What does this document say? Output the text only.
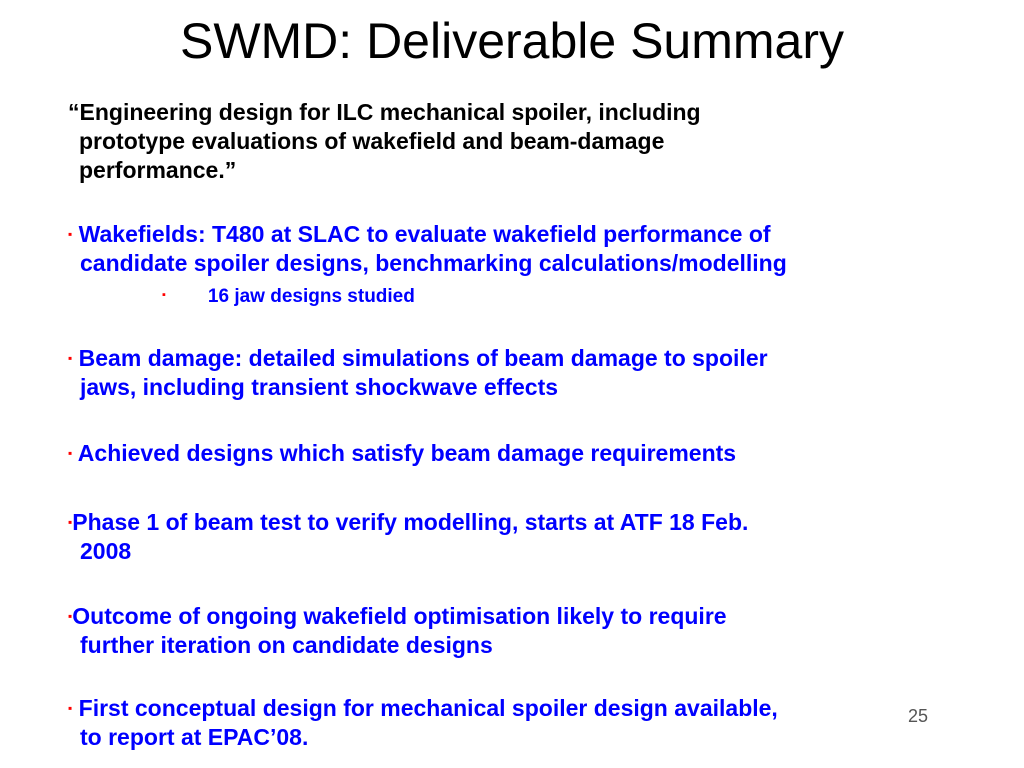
SWMD: Deliverable Summary
“Engineering design for ILC mechanical spoiler, including
prototype evaluations of wakefield and beam-damage
performance.”
▪ Wakefields: T480 at SLAC to evaluate wakefield performance of
candidate spoiler designs, benchmarking calculations/modelling
▪ 16 jaw designs studied
▪ Beam damage: detailed simulations of beam damage to spoiler
jaws, including transient shockwave effects
▪ Achieved designs which satisfy beam damage requirements
▪Phase 1 of beam test to verify modelling, starts at ATF 18 Feb.
2008
▪Outcome of ongoing wakefield optimisation likely to require
further iteration on candidate designs
▪ First conceptual design for mechanical spoiler design available,
to report at EPAC’08.
25
